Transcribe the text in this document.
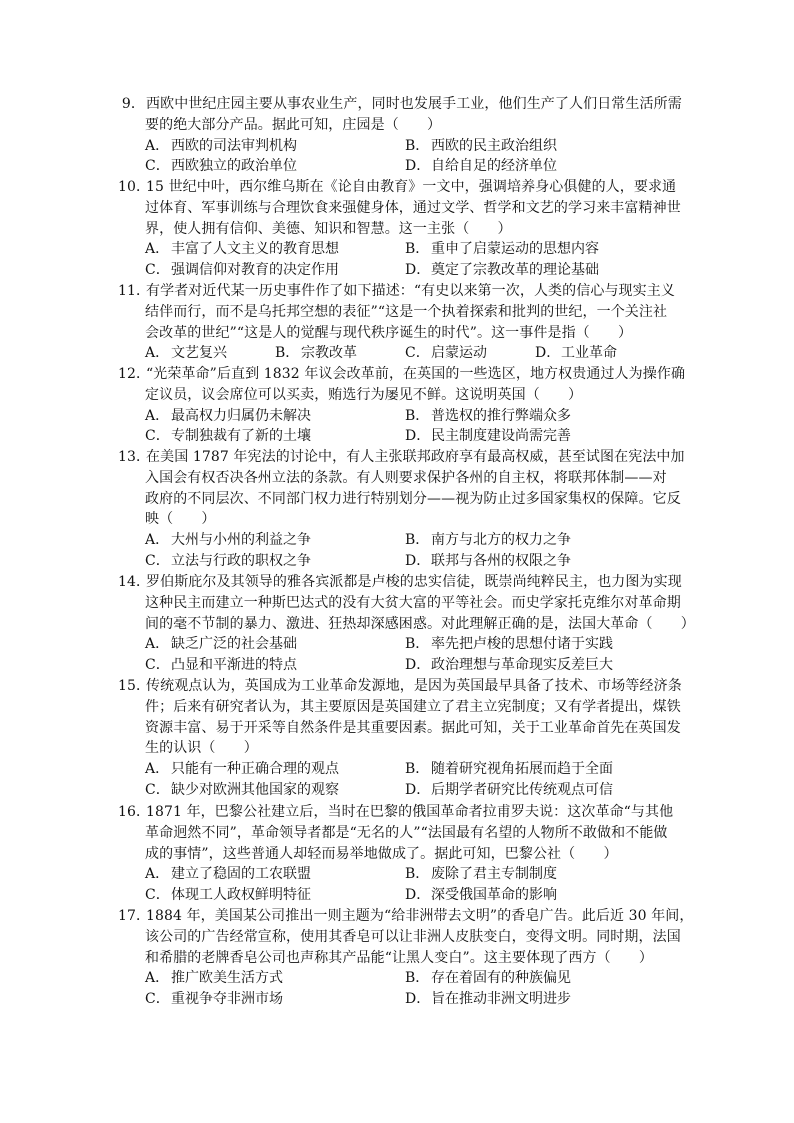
9．西欧中世纪庄园主要从事农业生产，同时也发展手工业，他们生产了人们日常生活所需
要的绝大部分产品。据此可知，庄园是（　　）
A． 西欧的司法审判机构	B． 西欧的民主政治组织
C．西欧独立的政治单位	D．自给自足的经济单位
10．15 世纪中叶，西尔维乌斯在《论自由教育》一文中，强调培养身心俱健的人，要求通
过体育、军事训练与合理饮食来强健身体，通过文学、哲学和文艺的学习来丰富精神世
界，使人拥有信仰、美德、知识和智慧。这一主张（　　）
A． 丰富了人文主义的教育思想	B． 重申了启蒙运动的思想内容
C．强调信仰对教育的决定作用	D．奠定了宗教改革的理论基础
11．有学者对近代某一历史事件作了如下描述：“有史以来第一次，人类的信心与现实主义
结伴而行，而不是乌托邦空想的表征”“这是一个执着探索和批判的世纪，一个关注社
会改革的世纪”“这是人的觉醒与现代秩序诞生的时代”。这一事件是指（　　）
A． 文艺复兴	B． 宗教改革	C．启蒙运动	D．工业革命
12．“光荣革命”后直到 1832 年议会改革前，在英国的一些选区，地方权贵通过人为操作确
定议员，议会席位可以买卖，贿选行为屡见不鲜。这说明英国（　　）
A． 最高权力归属仍未解决	B． 普选权的推行弊端众多
C．专制独裁有了新的土壤	D．民主制度建设尚需完善
13．在美国 1787 年宪法的讨论中，有人主张联邦政府享有最高权威，甚至试图在宪法中加
入国会有权否决各州立法的条款。有人则要求保护各州的自主权，将联邦体制——对
政府的不同层次、不同部门权力进行特别划分——视为防止过多国家集权的保障。它反
映（　　）
A． 大州与小州的利益之争	B． 南方与北方的权力之争
C．立法与行政的职权之争	D．联邦与各州的权限之争
14．罗伯斯庇尔及其领导的雅各宾派都是卢梭的忠实信徒，既崇尚纯粹民主，也力图为实现
这种民主而建立一种斯巴达式的没有大贫大富的平等社会。而史学家托克维尔对革命期
间的毫不节制的暴力、激进、狂热却深感困惑。对此理解正确的是，法国大革命（　　）
A． 缺乏广泛的社会基础	B． 率先把卢梭的思想付诸于实践
C．凸显和平渐进的特点	D．政治理想与革命现实反差巨大
15．传统观点认为，英国成为工业革命发源地，是因为英国最早具备了技术、市场等经济条
件；后来有研究者认为，其主要原因是英国建立了君主立宪制度；又有学者提出，煤铁
资源丰富、易于开采等自然条件是其重要因素。据此可知，关于工业革命首先在英国发
生的认识（　　）
A． 只能有一种正确合理的观点	B． 随着研究视角拓展而趋于全面
C．缺少对欧洲其他国家的观察	D．后期学者研究比传统观点可信
16．1871 年，巴黎公社建立后，当时在巴黎的俄国革命者拉甫罗夫说：这次革命“与其他
革命迥然不同”，革命领导者都是“无名的人”“法国最有名望的人物所不敢做和不能做
成的事情”，这些普通人却轻而易举地做成了。据此可知，巴黎公社（　　）
A． 建立了稳固的工农联盟	B． 废除了君主专制制度
C．体现工人政权鲜明特征	D．深受俄国革命的影响
17．1884 年，美国某公司推出一则主题为“给非洲带去文明”的香皂广告。此后近 30 年间，
该公司的广告经常宣称，使用其香皂可以让非洲人皮肤变白，变得文明。同时期，法国
和希腊的老牌香皂公司也声称其产品能“让黑人变白”。这主要体现了西方（　　）
A． 推广欧美生活方式	B． 存在着固有的种族偏见
C．重视争夺非洲市场	D．旨在推动非洲文明进步
